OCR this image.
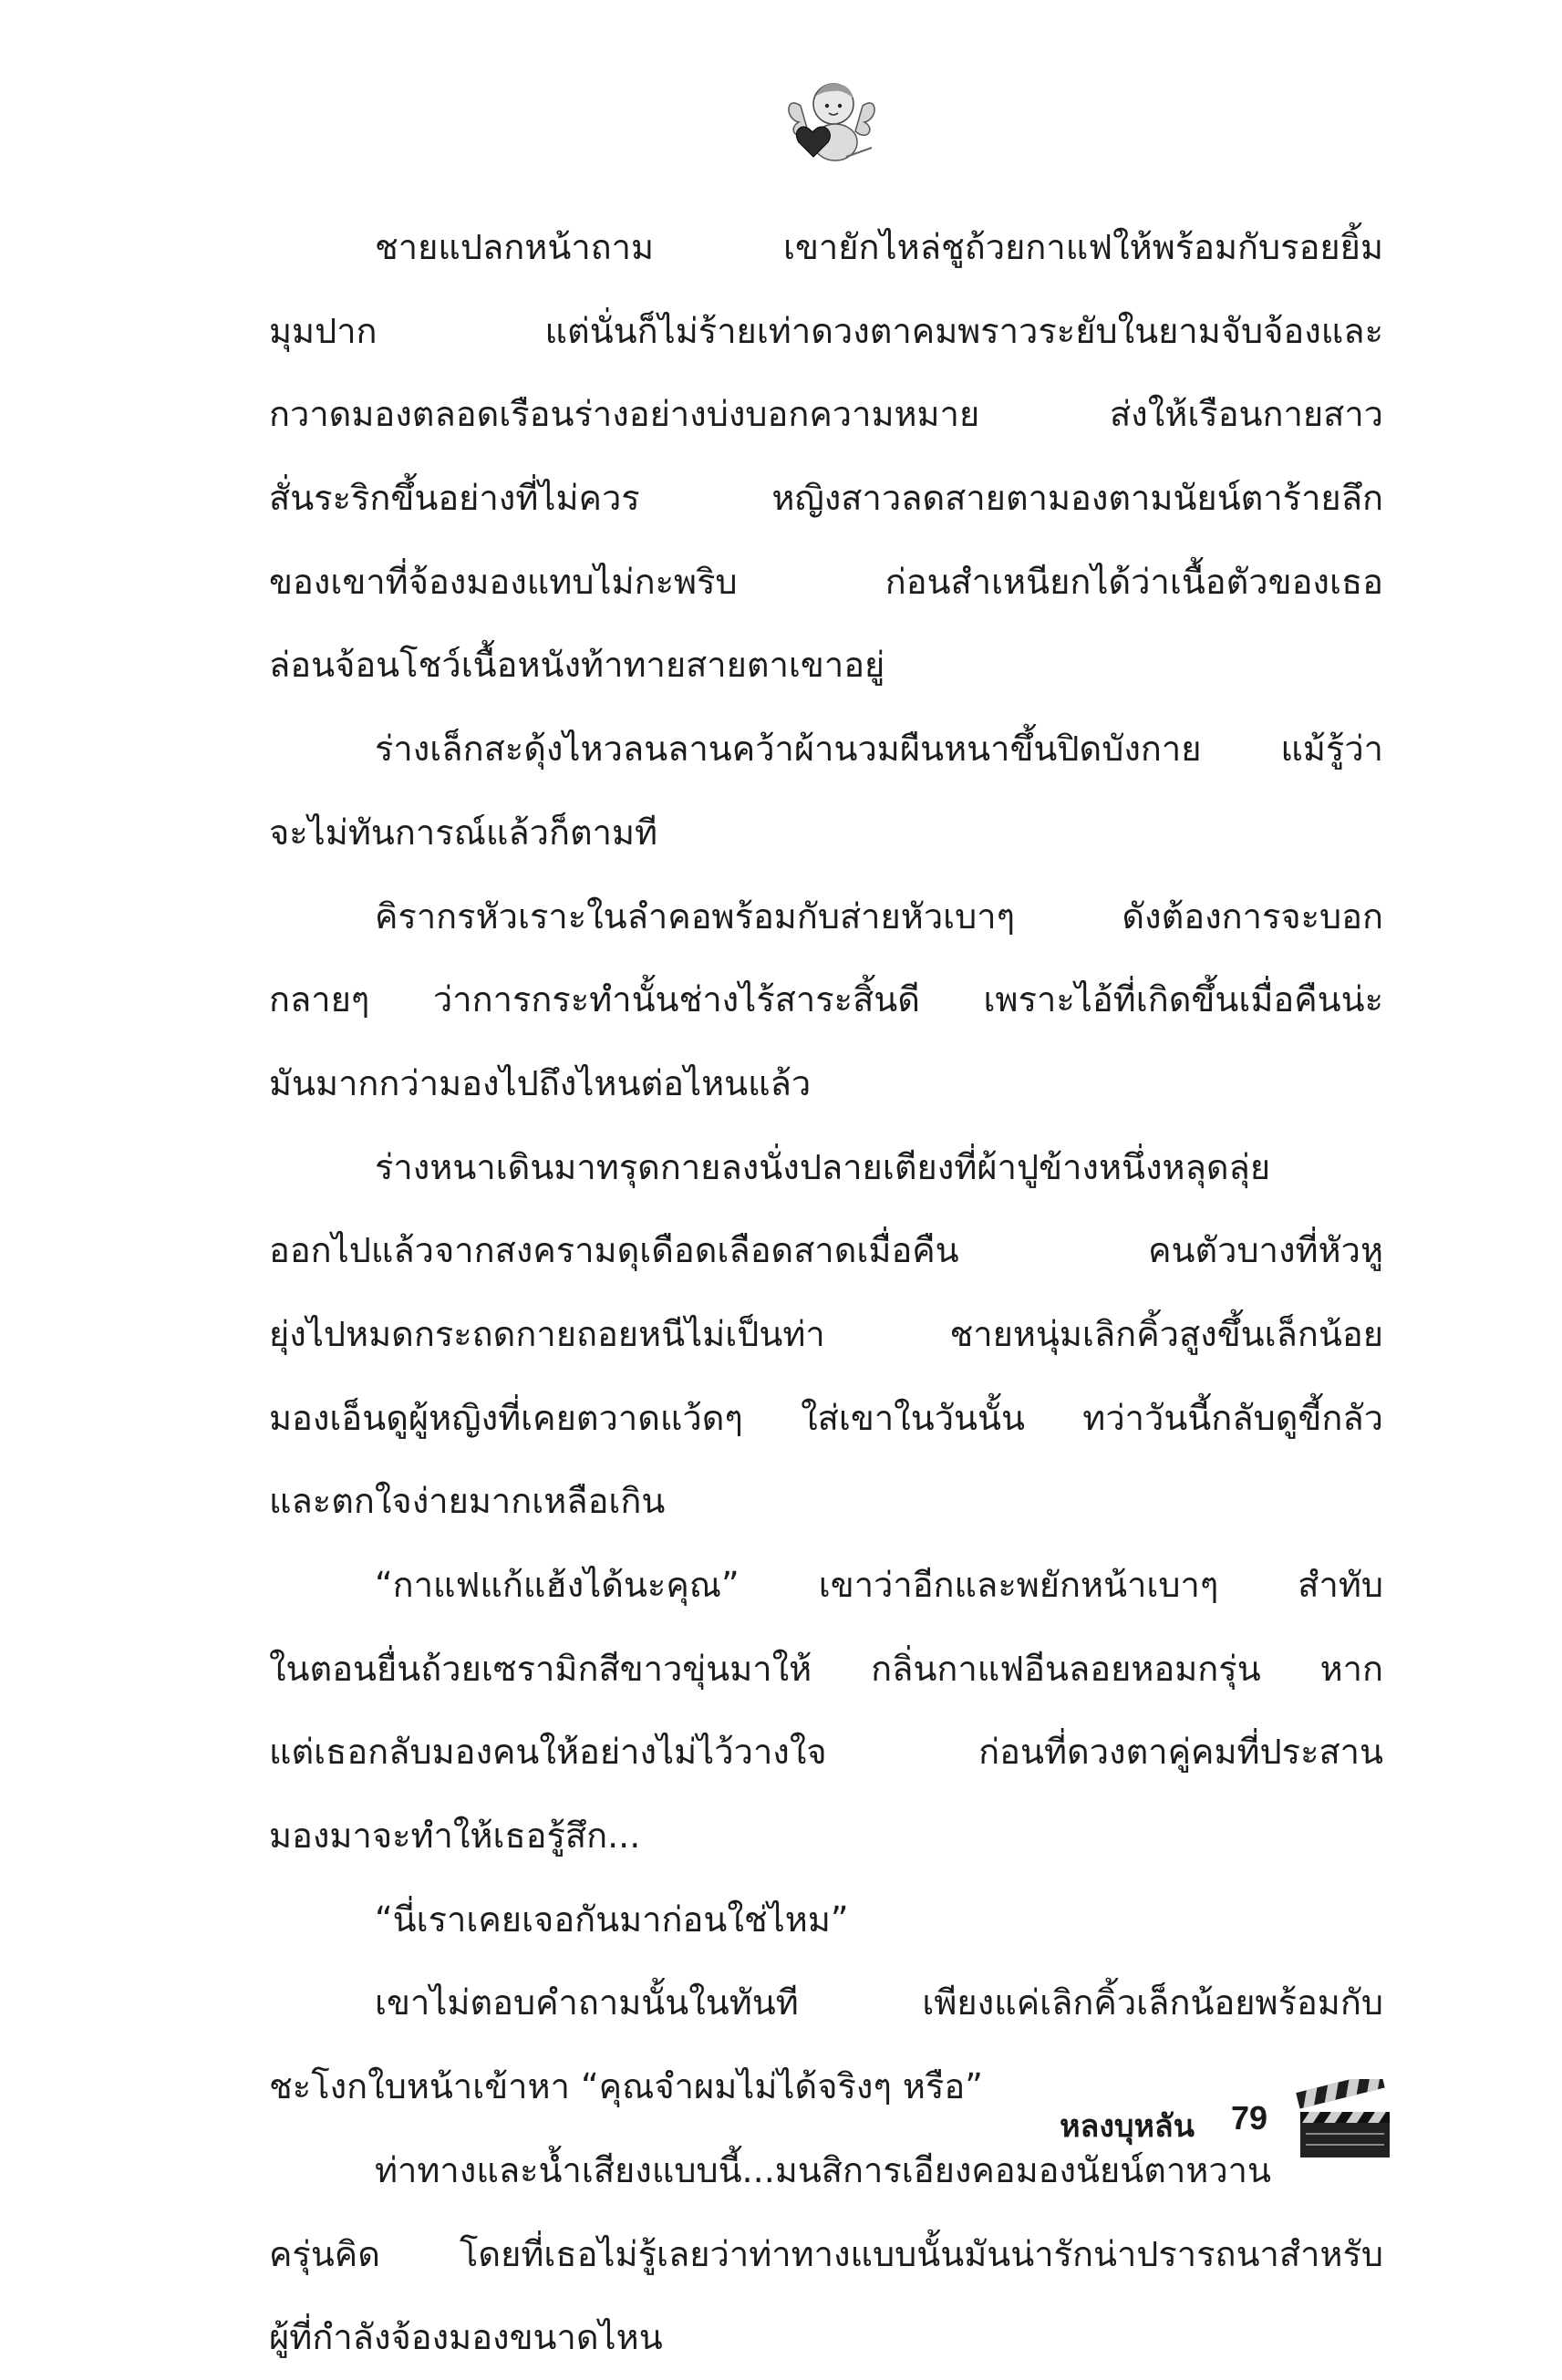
ชายแปลกหน้าถาม เขายักไหล่ชูถ้วยกาแฟให้พร้อมกับรอยยิ้ม
มุมปาก แต่นั่นก็ไม่ร้ายเท่าดวงตาคมพราวระยับในยามจับจ้องและ
กวาดมองตลอดเรือนร่างอย่างบ่งบอกความหมาย ส่งให้เรือนกายสาว
สั่นระริกขึ้นอย่างที่ไม่ควร หญิงสาวลดสายตามองตามนัยน์ตาร้ายลึก
ของเขาที่จ้องมองแทบไม่กะพริบ ก่อนสำเหนียกได้ว่าเนื้อตัวของเธอ
ล่อนจ้อนโชว์เนื้อหนังท้าทายสายตาเขาอยู่
ร่างเล็กสะดุ้งไหวลนลานคว้าผ้านวมผืนหนาขึ้นปิดบังกาย แม้รู้ว่า
จะไม่ทันการณ์แล้วก็ตามที
คิรากรหัวเราะในลำคอพร้อมกับส่ายหัวเบาๆ ดังต้องการจะบอก
กลายๆ ว่าการกระทำนั้นช่างไร้สาระสิ้นดี เพราะไอ้ที่เกิดขึ้นเมื่อคืนน่ะ
มันมากกว่ามองไปถึงไหนต่อไหนแล้ว
ร่างหนาเดินมาทรุดกายลงนั่งปลายเตียงที่ผ้าปูข้างหนึ่งหลุดลุ่ย
ออกไปแล้วจากสงครามดุเดือดเลือดสาดเมื่อคืน คนตัวบางที่หัวหู
ยุ่งไปหมดกระถดกายถอยหนีไม่เป็นท่า ชายหนุ่มเลิกคิ้วสูงขึ้นเล็กน้อย
มองเอ็นดูผู้หญิงที่เคยตวาดแว้ดๆ ใส่เขาในวันนั้น ทว่าวันนี้กลับดูขี้กลัว
และตกใจง่ายมากเหลือเกิน
“กาแฟแก้แฮ้งได้นะคุณ” เขาว่าอีกและพยักหน้าเบาๆ สำทับ
ในตอนยื่นถ้วยเซรามิกสีขาวขุ่นมาให้ กลิ่นกาแฟอีนลอยหอมกรุ่น หาก
แต่เธอกลับมองคนให้อย่างไม่ไว้วางใจ ก่อนที่ดวงตาคู่คมที่ประสาน
มองมาจะทำให้เธอรู้สึก...
“นี่เราเคยเจอกันมาก่อนใช่ไหม”
เขาไม่ตอบคำถามนั้นในทันที เพียงแค่เลิกคิ้วเล็กน้อยพร้อมกับ
ชะโงกใบหน้าเข้าหา “คุณจำผมไม่ได้จริงๆ หรือ”
ท่าทางและน้ำเสียงแบบนี้...มนสิการเอียงคอมองนัยน์ตาหวาน
ครุ่นคิด โดยที่เธอไม่รู้เลยว่าท่าทางแบบนั้นมันน่ารักน่าปรารถนาสำหรับ
ผู้ที่กำลังจ้องมองขนาดไหน
หลงบุหลัน 79
